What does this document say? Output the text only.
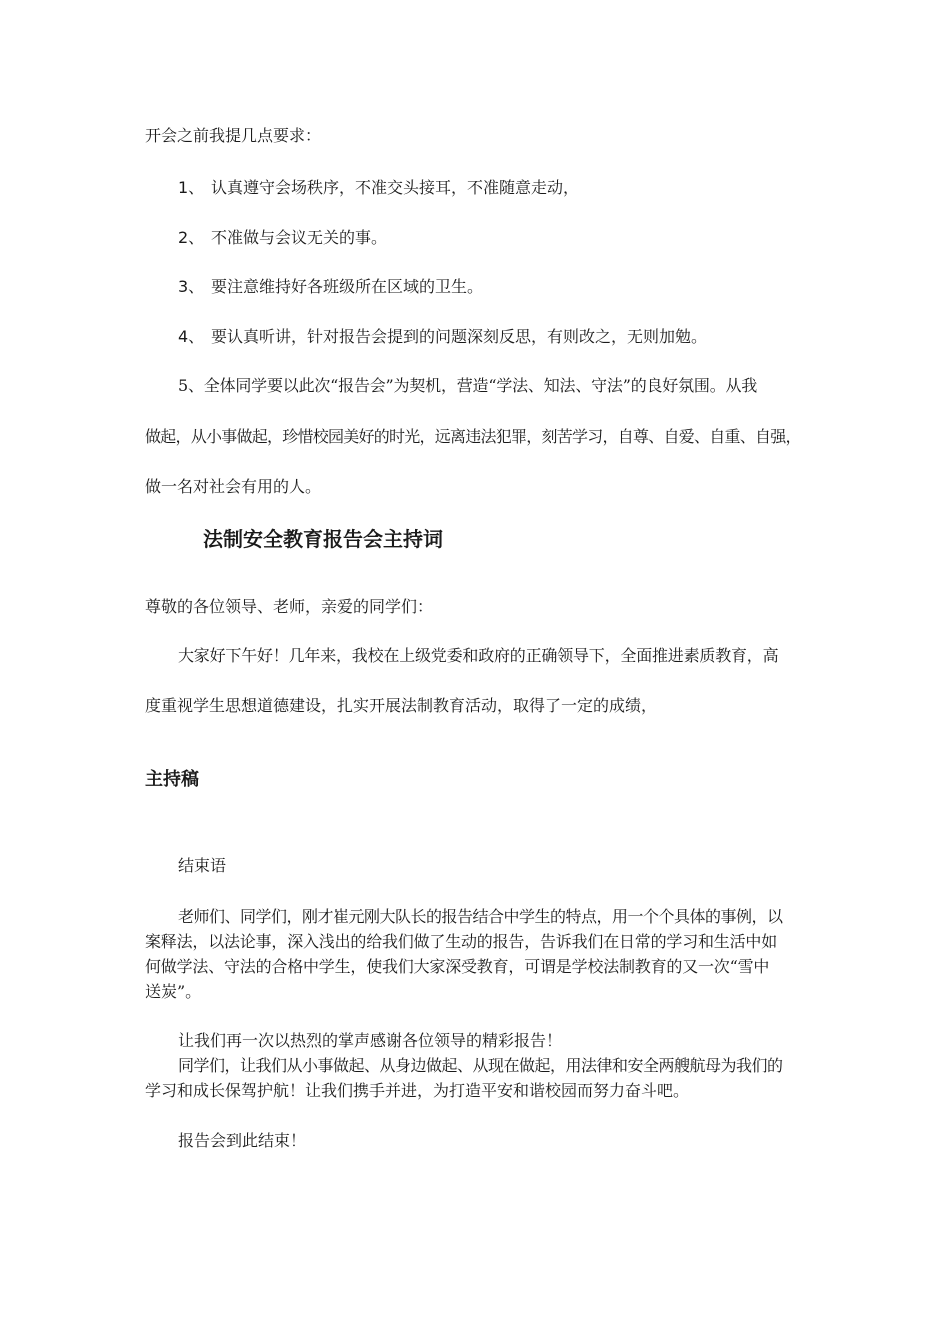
开会之前我提几点要求：
1、 认真遵守会场秩序，不准交头接耳，不准随意走动，
2、 不准做与会议无关的事。
3、 要注意维持好各班级所在区域的卫生。
4、 要认真听讲，针对报告会提到的问题深刻反思，有则改之，无则加勉。
5、全体同学要以此次“报告会”为契机，营造“学法、知法、守法”的良好氛围。从我
做起，从小事做起，珍惜校园美好的时光，远离违法犯罪，刻苦学习，自尊、自爱、自重、自强，
做一名对社会有用的人。
法制安全教育报告会主持词
尊敬的各位领导、老师，亲爱的同学们：
大家好下午好！几年来，我校在上级党委和政府的正确领导下，全面推进素质教育，高
度重视学生思想道德建设，扎实开展法制教育活动，取得了一定的成绩，
主持稿
结束语
老师们、同学们，刚才崔元刚大队长的报告结合中学生的特点，用一个个具体的事例，以
案释法，以法论事，深入浅出的给我们做了生动的报告，告诉我们在日常的学习和生活中如
何做学法、守法的合格中学生，使我们大家深受教育，可谓是学校法制教育的又一次“雪中
送炭”。
让我们再一次以热烈的掌声感谢各位领导的精彩报告！
同学们，让我们从小事做起、从身边做起、从现在做起，用法律和安全两艘航母为我们的
学习和成长保驾护航！让我们携手并进，为打造平安和谐校园而努力奋斗吧。
报告会到此结束！
